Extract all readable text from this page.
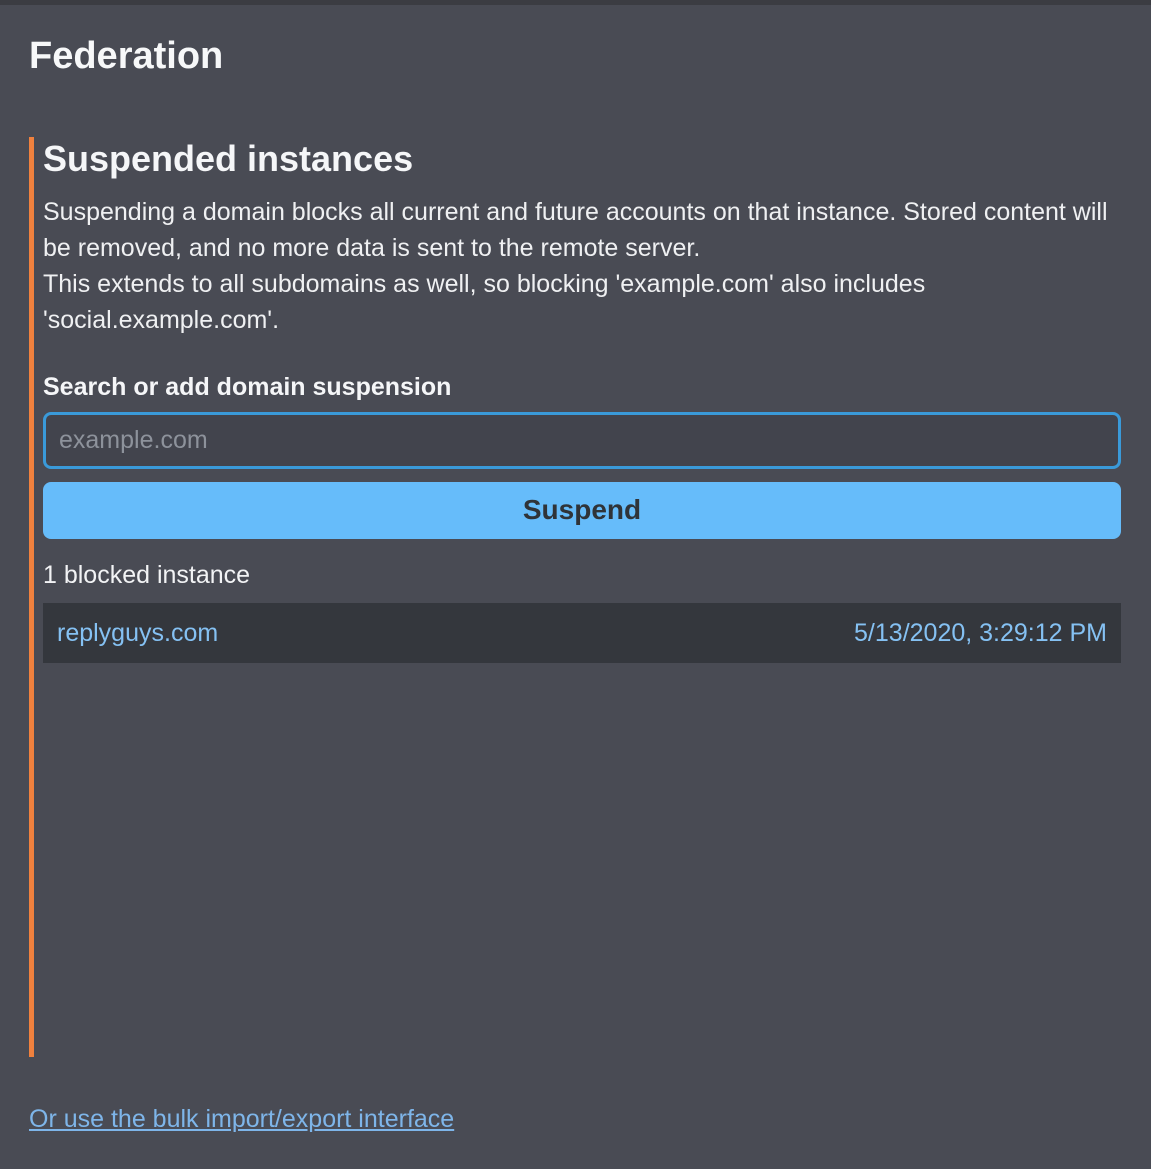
Federation
Suspended instances

Suspending a domain blocks all current and future accounts on that instance. Stored content will be removed, and no more data is sent to the remote server.

This extends to all subdomains as well, so blocking 'example.com' also includes 'social.example.com'.

Search or add domain suspension
example.com
Suspend
1 blocked instance
replyguys.com	5/13/2020, 3:29:12 PM
Or use the bulk import/export interface
